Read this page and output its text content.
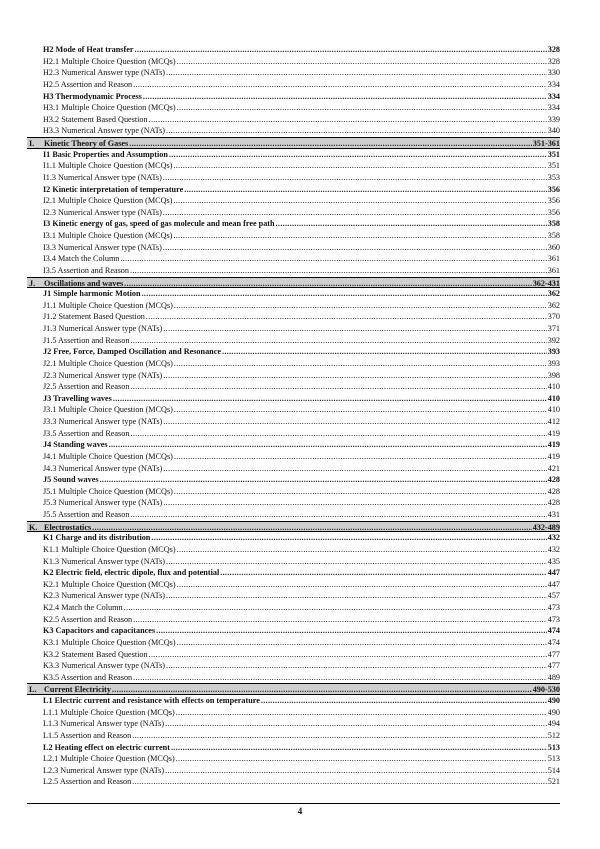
H2 Mode of Heat transfer .....	328
H2.1 Multiple Choice Question (MCQs) .....	328
H2.3 Numerical Answer type (NATs) .....	330
H2.5 Assertion and Reason .....	334
H3 Thermodynamic Process .....	334
H3.1 Multiple Choice Question (MCQs) .....	334
H3.2 Statement Based Question .....	339
H3.3 Numerical Answer type (NATs) .....	340
I. Kinetic Theory of Gases .....	351-361
I1 Basic Properties and Assumption .....	351
I1.1 Multiple Choice Question (MCQs) .....	351
I1.3 Numerical Answer type (NATs) .....	353
I2 Kinetic interpretation of temperature .....	356
I2.1 Multiple Choice Question (MCQs) .....	356
I2.3 Numerical Answer type (NATs) .....	356
I3 Kinetic energy of gas, speed of gas molecule and mean free path .....	358
I3.1 Multiple Choice Question (MCQs) .....	358
I3.3 Numerical Answer type (NATs) .....	360
I3.4 Match the Column .....	361
I3.5 Assertion and Reason .....	361
J. Oscillations and waves .....	362-431
J1 Simple harmonic Motion .....	362
J1.1 Multiple Choice Question (MCQs) .....	362
J1.2 Statement Based Question .....	370
J1.3 Numerical Answer type (NATs) .....	371
J1.5 Assertion and Reason .....	392
J2 Free, Force, Damped Oscillation and Resonance .....	393
J2.1 Multiple Choice Question (MCQs) .....	393
J2.3 Numerical Answer type (NATs) .....	398
J2.5 Assertion and Reason .....	410
J3 Travelling waves .....	410
J3.1 Multiple Choice Question (MCQs) .....	410
J3.3 Numerical Answer type (NATs) .....	412
J3.5 Assertion and Reason .....	419
J4 Standing waves .....	419
J4.1 Multiple Choice Question (MCQs) .....	419
J4.3 Numerical Answer type (NATs) .....	421
J5 Sound waves .....	428
J5.1 Multiple Choice Question (MCQs) .....	428
J5.3 Numerical Answer type (NATs) .....	428
J5.5 Assertion and Reason .....	431
K. Electrostatics .....	432-489
K1 Charge and its distribution .....	432
K1.1 Multiple Choice Question (MCQs) .....	432
K1.3 Numerical Answer type (NATs) .....	435
K2 Electric field, electric dipole, flux and potential .....	447
K2.1 Multiple Choice Question (MCQs) .....	447
K2.3 Numerical Answer type (NATs) .....	457
K2.4 Match the Column .....	473
K2.5 Assertion and Reason .....	473
K3 Capacitors and capacitances .....	474
K3.1 Multiple Choice Question (MCQs) .....	474
K3.2 Statement Based Question .....	477
K3.3 Numerical Answer type (NATs) .....	477
K3.5 Assertion and Reason .....	489
L. Current Electricity .....	490-530
L1 Electric current and resistance with effects on temperature .....	490
L1.1 Multiple Choice Question (MCQs) .....	490
L1.3 Numerical Answer type (NATs) .....	494
L1.5 Assertion and Reason .....	512
L2 Heating effect on electric current .....	513
L2.1 Multiple Choice Question (MCQs) .....	513
L2.3 Numerical Answer type (NATs) .....	514
L2.5 Assertion and Reason .....	521
4
